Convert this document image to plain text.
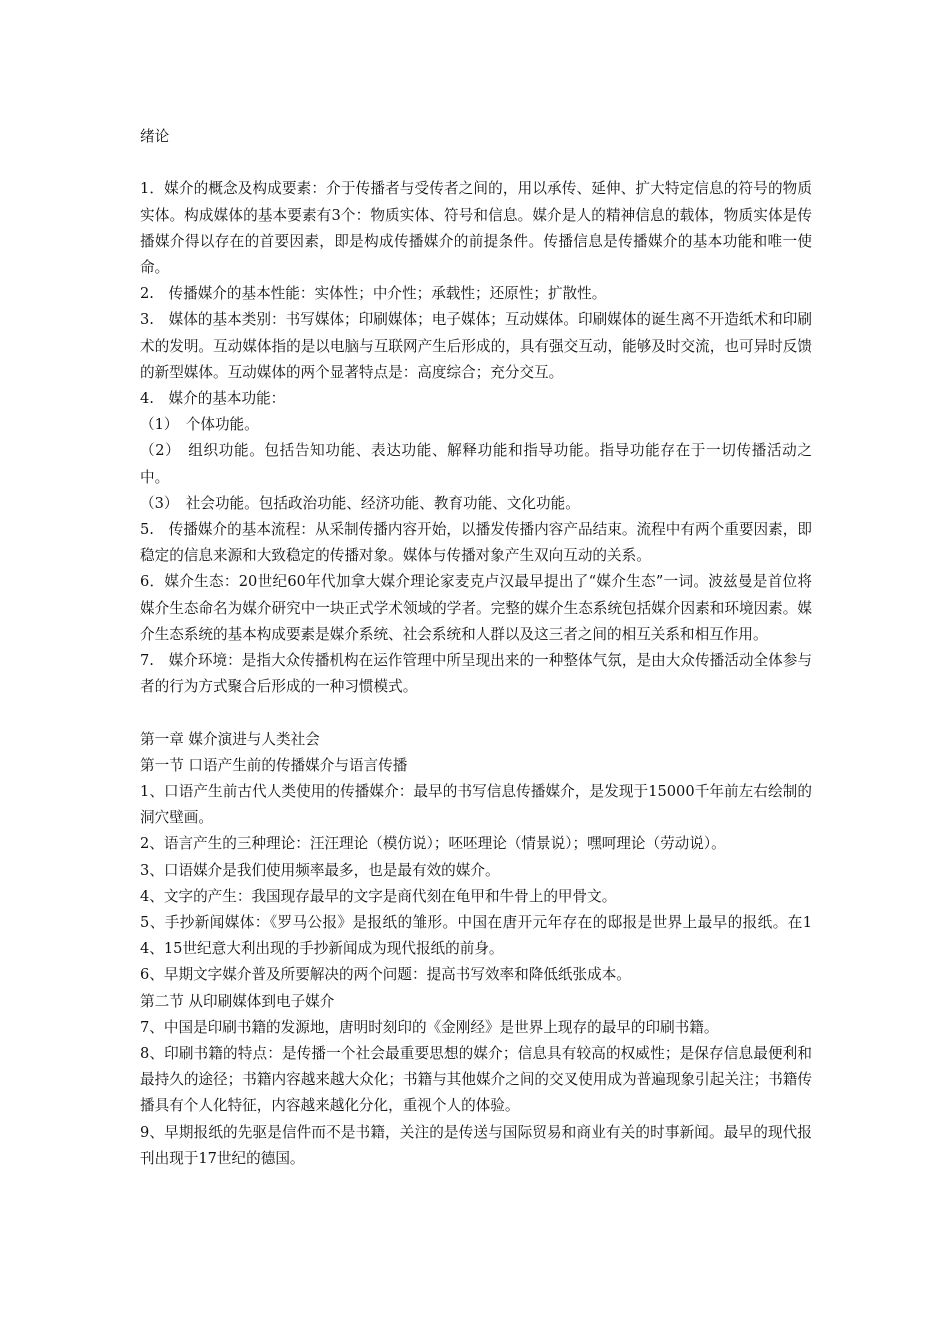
绪论

1．媒介的概念及构成要素：介于传播者与受传者之间的，用以承传、延伸、扩大特定信息的符号的物质实体。构成媒体的基本要素有3个：物质实体、符号和信息。媒介是人的精神信息的载体，物质实体是传播媒介得以存在的首要因素，即是构成传播媒介的前提条件。传播信息是传播媒介的基本功能和唯一使命。

2.　传播媒介的基本性能：实体性；中介性；承载性；还原性；扩散性。

3.　媒体的基本类别：书写媒体；印刷媒体；电子媒体；互动媒体。印刷媒体的诞生离不开造纸术和印刷术的发明。互动媒体指的是以电脑与互联网产生后形成的，具有强交互动，能够及时交流，也可异时反馈的新型媒体。互动媒体的两个显著特点是：高度综合；充分交互。

4.　媒介的基本功能：

（1）　个体功能。

（2）　组织功能。包括告知功能、表达功能、解释功能和指导功能。指导功能存在于一切传播活动之中。

（3）　社会功能。包括政治功能、经济功能、教育功能、文化功能。

5.　传播媒介的基本流程：从采制传播内容开始，以播发传播内容产品结束。流程中有两个重要因素，即稳定的信息来源和大致稳定的传播对象。媒体与传播对象产生双向互动的关系。

6．媒介生态：20世纪60年代加拿大媒介理论家麦克卢汉最早提出了“媒介生态”一词。波兹曼是首位将媒介生态命名为媒介研究中一块正式学术领域的学者。完整的媒介生态系统包括媒介因素和环境因素。媒介生态系统的基本构成要素是媒介系统、社会系统和人群以及这三者之间的相互关系和相互作用。

7.　媒介环境：是指大众传播机构在运作管理中所呈现出来的一种整体气氛，是由大众传播活动全体参与者的行为方式聚合后形成的一种习惯模式。

第一章 媒介演进与人类社会

第一节 口语产生前的传播媒介与语言传播

1、口语产生前古代人类使用的传播媒介：最早的书写信息传播媒介，是发现于15000千年前左右绘制的洞穴壁画。

2、语言产生的三种理论：汪汪理论（模仿说）；呸呸理论（情景说）；嘿呵理论（劳动说）。

3、口语媒介是我们使用频率最多，也是最有效的媒介。

4、文字的产生：我国现存最早的文字是商代刻在龟甲和牛骨上的甲骨文。

5、手抄新闻媒体：《罗马公报》是报纸的雏形。中国在唐开元年存在的邸报是世界上最早的报纸。在14、15世纪意大利出现的手抄新闻成为现代报纸的前身。

6、早期文字媒介普及所要解决的两个问题：提高书写效率和降低纸张成本。

第二节 从印刷媒体到电子媒介

7、中国是印刷书籍的发源地，唐明时刻印的《金刚经》是世界上现存的最早的印刷书籍。

8、印刷书籍的特点：是传播一个社会最重要思想的媒介；信息具有较高的权威性；是保存信息最便利和最持久的途径；书籍内容越来越大众化；书籍与其他媒介之间的交叉使用成为普遍现象引起关注；书籍传播具有个人化特征，内容越来越化分化，重视个人的体验。

9、早期报纸的先驱是信件而不是书籍，关注的是传送与国际贸易和商业有关的时事新闻。最早的现代报刊出现于17世纪的德国。
